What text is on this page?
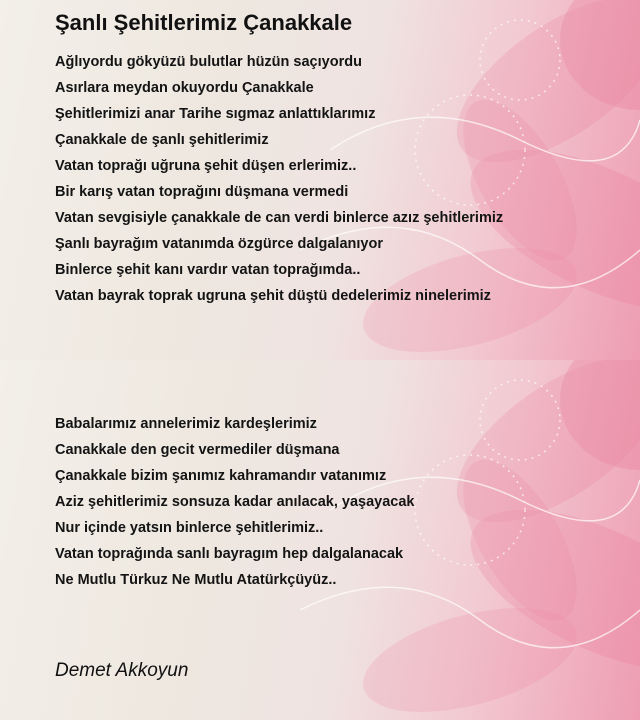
Şanlı Şehitlerimiz Çanakkale
Ağlıyordu gökyüzü bulutlar hüzün saçıyordu
Asırlara meydan okuyordu Çanakkale
Şehitlerimizi anar Tarihe sıgmaz anlattıklarımız
Çanakkale de şanlı şehitlerimiz
Vatan toprağı uğruna şehit düşen erlerimiz..
Bir karış vatan toprağını düşmana vermedi
Vatan sevgisiyle çanakkale de can verdi binlerce azız şehitlerimiz
Şanlı bayrağım vatanımda özgürce dalgalanıyor
Binlerce şehit kanı vardır vatan toprağımda..
Vatan bayrak toprak ugruna şehit düştü dedelerimiz ninelerimiz
Babalarımız annelerimiz kardeşlerimiz
Canakkale den gecit vermediler düşmana
Çanakkale bizim şanımız kahramandır vatanımız
Aziz şehitlerimiz sonsuza kadar anılacak, yaşayacak
Nur içinde yatsın binlerce şehitlerimiz..
Vatan toprağında sanlı bayragım hep dalgalanacak
Ne Mutlu Türkuz Ne Mutlu Atatürkçüyüz..
Demet Akkoyun
